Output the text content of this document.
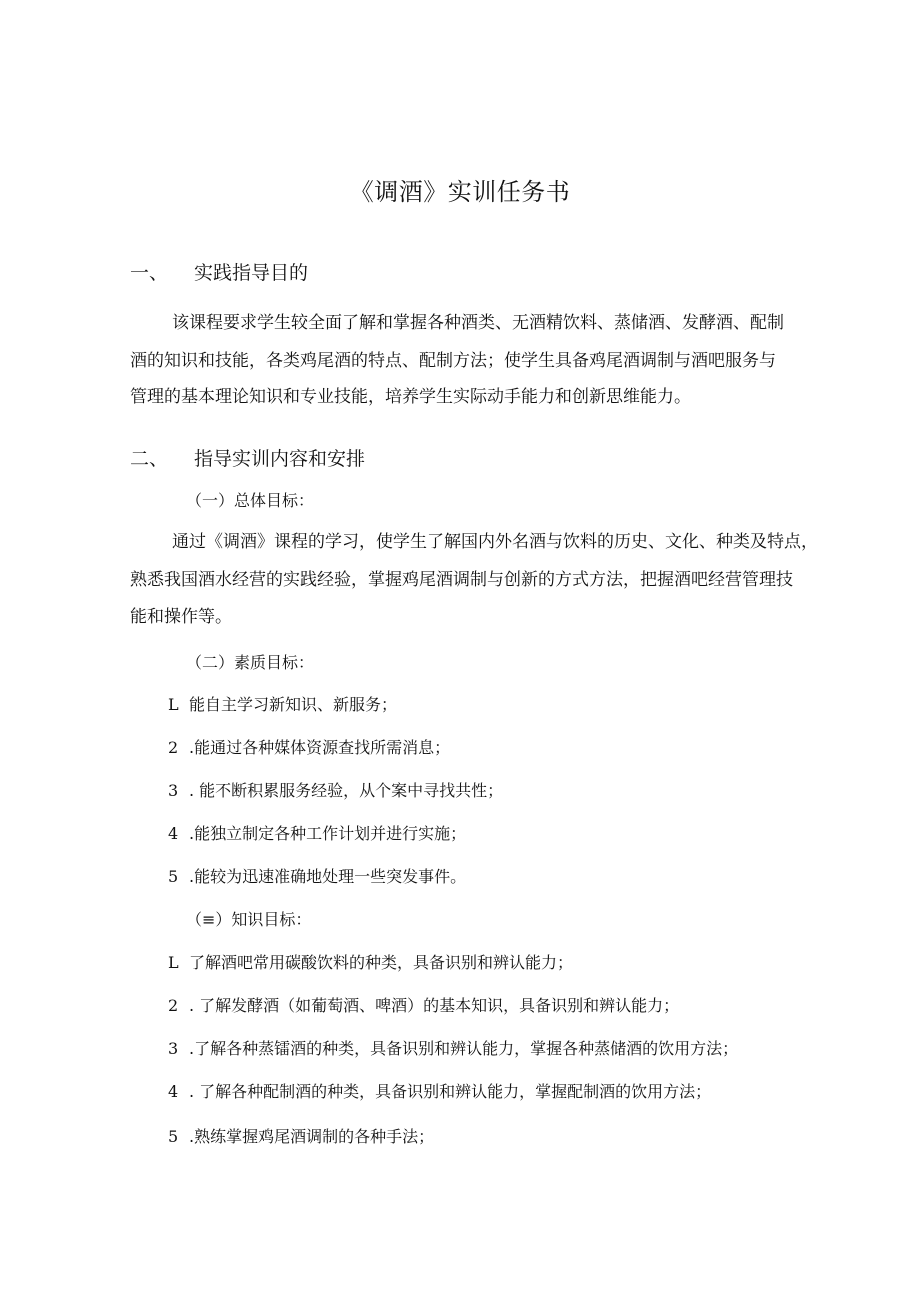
《调酒》实训任务书
一、 实践指导目的
该课程要求学生较全面了解和掌握各种酒类、无酒精饮料、蒸储酒、发酵酒、配制
酒的知识和技能，各类鸡尾酒的特点、配制方法；使学生具备鸡尾酒调制与酒吧服务与
管理的基本理论知识和专业技能，培养学生实际动手能力和创新思维能力。
二、 指导实训内容和安排
（一）总体目标：
通过《调酒》课程的学习，使学生了解国内外名酒与饮料的历史、文化、种类及特点，
熟悉我国酒水经营的实践经验，掌握鸡尾酒调制与创新的方式方法，把握酒吧经营管理技
能和操作等。
（二）素质目标：
L 能自主学习新知识、新服务；
2 .能通过各种媒体资源查找所需消息；
3 . 能不断积累服务经验，从个案中寻找共性；
4 .能独立制定各种工作计划并进行实施；
5 .能较为迅速准确地处理一些突发事件。
（≡）知识目标：
L 了解酒吧常用碳酸饮料的种类，具备识别和辨认能力；
2 . 了解发酵酒（如葡萄酒、啤酒）的基本知识，具备识别和辨认能力；
3 .了解各种蒸镭酒的种类，具备识别和辨认能力，掌握各种蒸储酒的饮用方法；
4 . 了解各种配制酒的种类，具备识别和辨认能力，掌握配制酒的饮用方法；
5 .熟练掌握鸡尾酒调制的各种手法；
